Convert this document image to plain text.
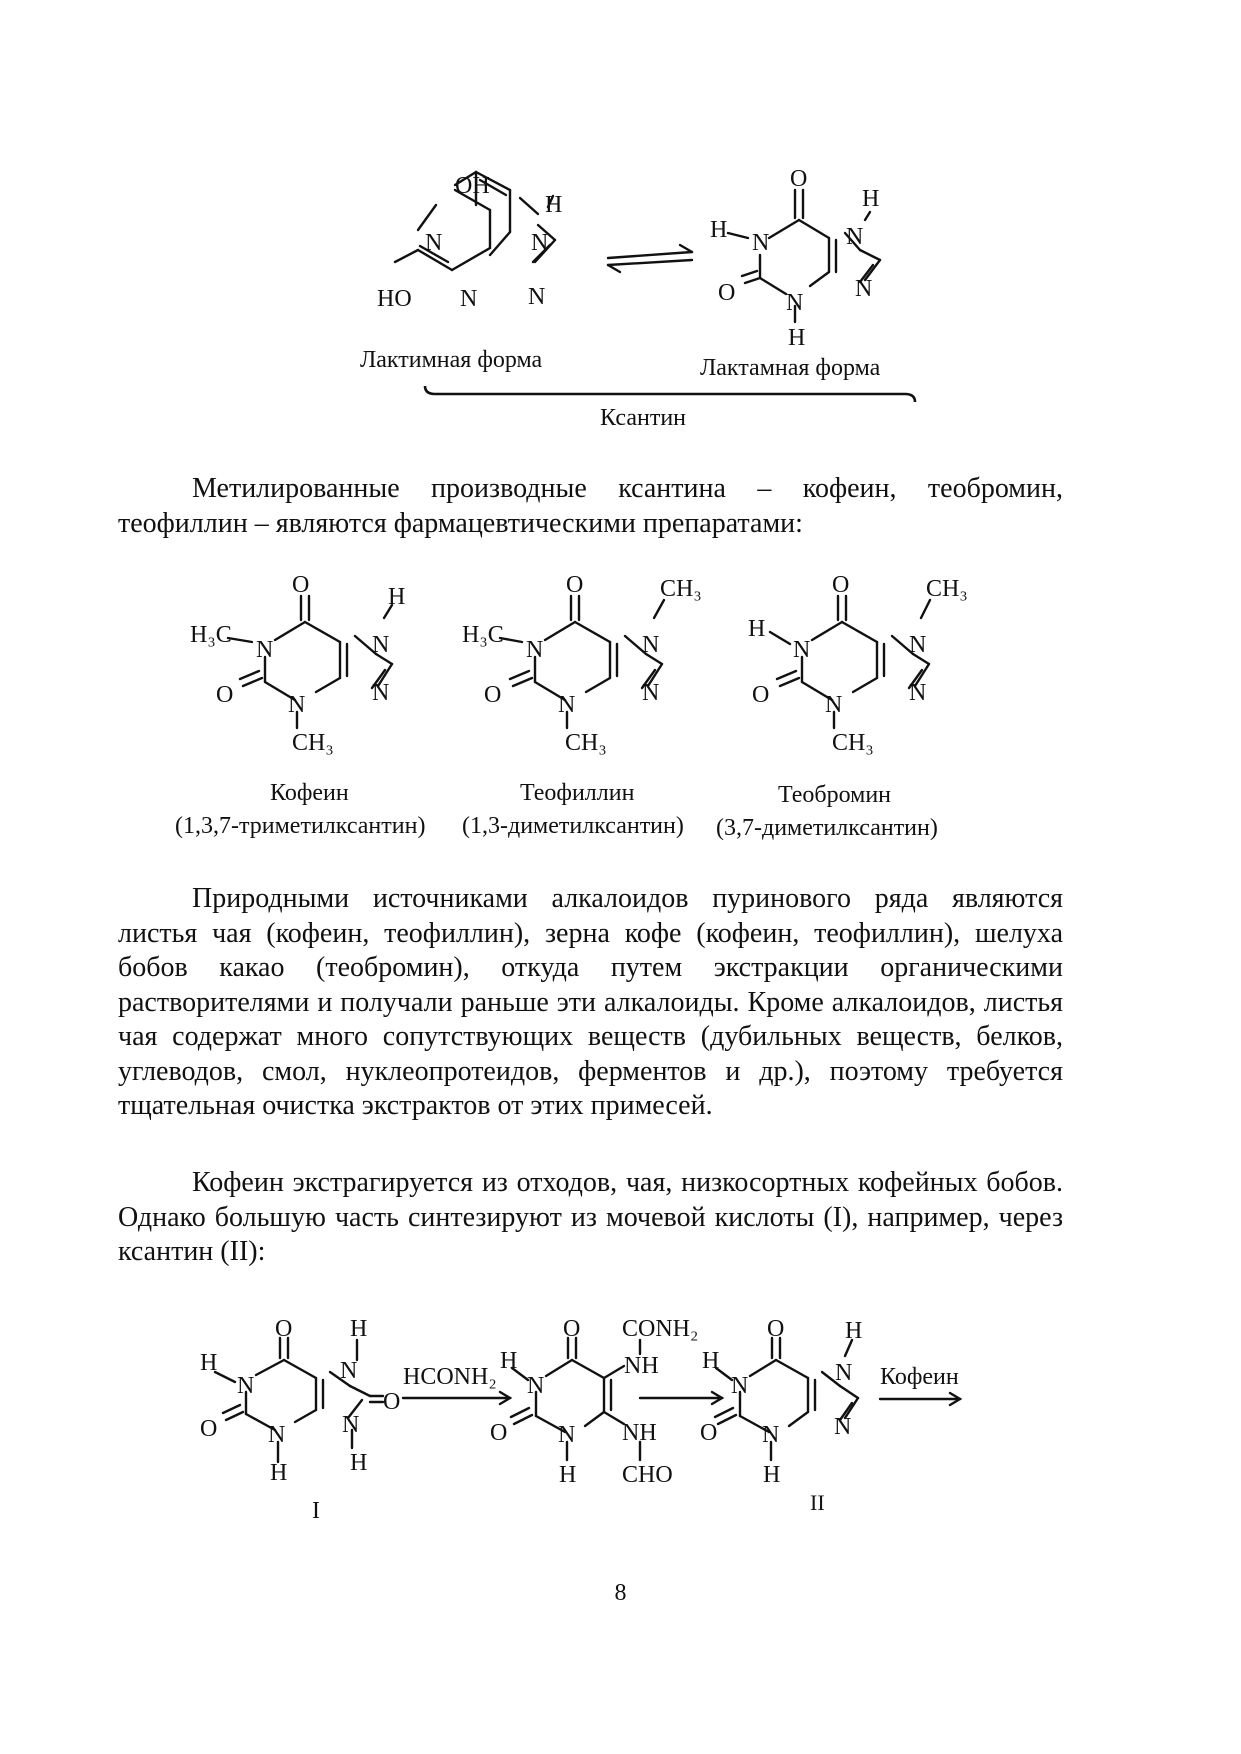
OH
H
N	N
HO N N
Лактимная форма
O
H
H N	N
O	N
N
H
Лактамная форма
Ксантин

Метилированные производные ксантина – кофеин, теобромин, теофиллин – являются фармацевтическими препаратами:

O	H
H₃C
N	N
O	N
N
CH₃
Кофеин
O	CH₃
H₃C
N	N
O	N
N
CH₃
Теофиллин
O	CH₃
H
N	N
O	N
N
CH₃
Теобромин
(1,3,7-триметилксантин) (1,3-диметилксантин) (3,7-диметилксантин)

Природными источниками алкалоидов пуринового ряда являются листья чая (кофеин, теофиллин), зерна кофе (кофеин, теофиллин), шелуха бобов какао (теобромин), откуда путем экстракции органическими растворителями и получали раньше эти алкалоиды. Кроме алкалоидов, листья чая содержат много сопутствующих веществ (дубильных веществ, белков, углеводов, смол, нуклеопротеидов, ферментов и др.), поэтому требуется тщательная очистка экстрактов от этих примесей.

Кофеин экстрагируется из отходов, чая, низкосортных кофейных бобов. Однако большую часть синтезируют из мочевой кислоты (I), например, через ксантин (II):

O H
H	N
N
O
O N N
H
H
I
HCONH₂
O CONH₂
H	NH
N
O	NH
N
H CHO
O	H
H	N
N
O	N
N
H
II
Кофеин
8
